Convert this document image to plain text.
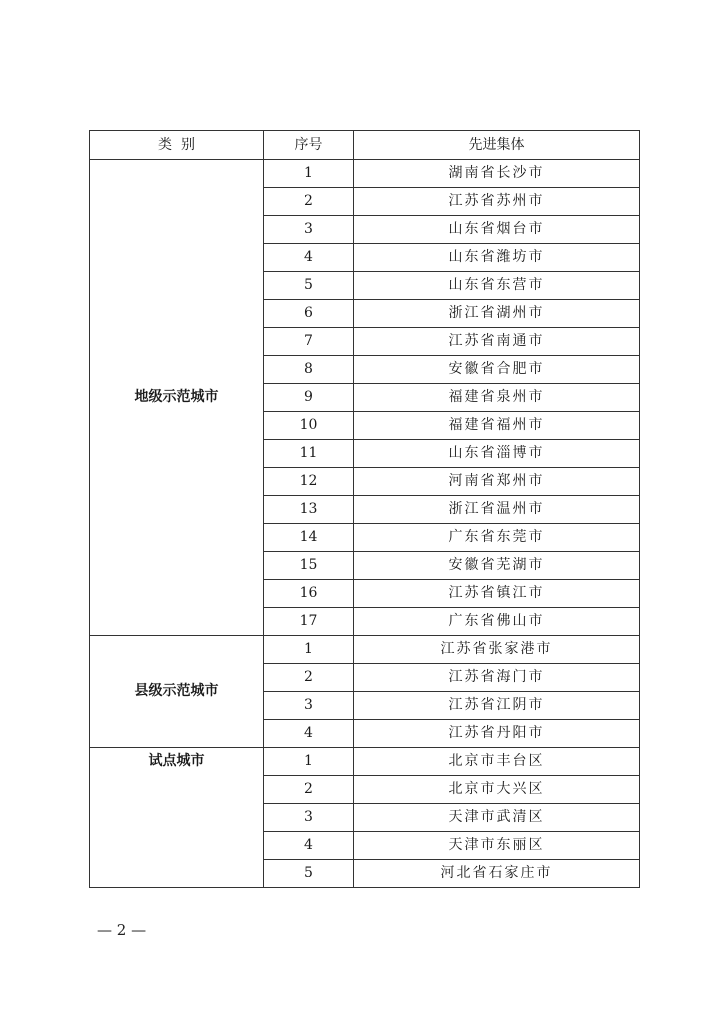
类  别	序号	先进集体
地级示范城市	1	湖南省长沙市
	2	江苏省苏州市
	3	山东省烟台市
	4	山东省潍坊市
	5	山东省东营市
	6	浙江省湖州市
	7	江苏省南通市
	8	安徽省合肥市
	9	福建省泉州市
	10	福建省福州市
	11	山东省淄博市
	12	河南省郑州市
	13	浙江省温州市
	14	广东省东莞市
	15	安徽省芜湖市
	16	江苏省镇江市
	17	广东省佛山市
县级示范城市	1	江苏省张家港市
	2	江苏省海门市
	3	江苏省江阴市
	4	江苏省丹阳市
试点城市	1	北京市丰台区
	2	北京市大兴区
	3	天津市武清区
	4	天津市东丽区
	5	河北省石家庄市
— 2 —
